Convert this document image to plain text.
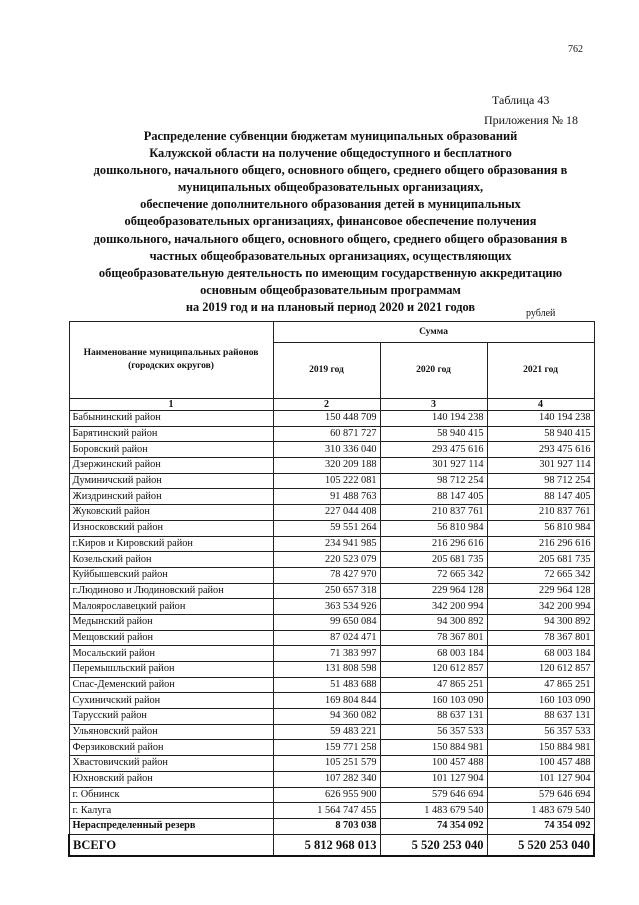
762
Таблица 43
Приложения № 18
Распределение субвенции бюджетам муниципальных образований
Калужской области на получение общедоступного и бесплатного
дошкольного, начального общего, основного общего, среднего общего образования в
муниципальных общеобразовательных организациях,
обеспечение дополнительного образования детей в муниципальных
общеобразовательных организациях, финансовое обеспечение получения
дошкольного, начального общего, основного общего, среднего общего образования в
частных общеобразовательных организациях, осуществляющих
общеобразовательную деятельность по имеющим государственную аккредитацию
основным общеобразовательным программам
на 2019 год и на плановый период 2020 и 2021 годов	рублей
Наименование муниципальных районов (городских округов)	Сумма		
	2019 год	2020 год	2021 год
1	2	3	4
Бабынинский район	150 448 709	140 194 238	140 194 238
Барятинский район	60 871 727	58 940 415	58 940 415
Боровский район	310 336 040	293 475 616	293 475 616
Дзержинский район	320 209 188	301 927 114	301 927 114
Думиничский район	105 222 081	98 712 254	98 712 254
Жиздринский район	91 488 763	88 147 405	88 147 405
Жуковский район	227 044 408	210 837 761	210 837 761
Износковский район	59 551 264	56 810 984	56 810 984
г.Киров и Кировский район	234 941 985	216 296 616	216 296 616
Козельский район	220 523 079	205 681 735	205 681 735
Куйбышевский район	78 427 970	72 665 342	72 665 342
г.Людиново и Людиновский район	250 657 318	229 964 128	229 964 128
Малоярославецкий район	363 534 926	342 200 994	342 200 994
Медынский район	99 650 084	94 300 892	94 300 892
Мещовский район	87 024 471	78 367 801	78 367 801
Мосальский район	71 383 997	68 003 184	68 003 184
Перемышльский район	131 808 598	120 612 857	120 612 857
Спас-Деменский район	51 483 688	47 865 251	47 865 251
Сухиничский район	169 804 844	160 103 090	160 103 090
Тарусский район	94 360 082	88 637 131	88 637 131
Ульяновский район	59 483 221	56 357 533	56 357 533
Ферзиковский район	159 771 258	150 884 981	150 884 981
Хвастовичский район	105 251 579	100 457 488	100 457 488
Юхновский район	107 282 340	101 127 904	101 127 904
г. Обнинск	626 955 900	579 646 694	579 646 694
г. Калуга	1 564 747 455	1 483 679 540	1 483 679 540
Нераспределенный резерв	8 703 038	74 354 092	74 354 092
ВСЕГО	5 812 968 013	5 520 253 040	5 520 253 040
